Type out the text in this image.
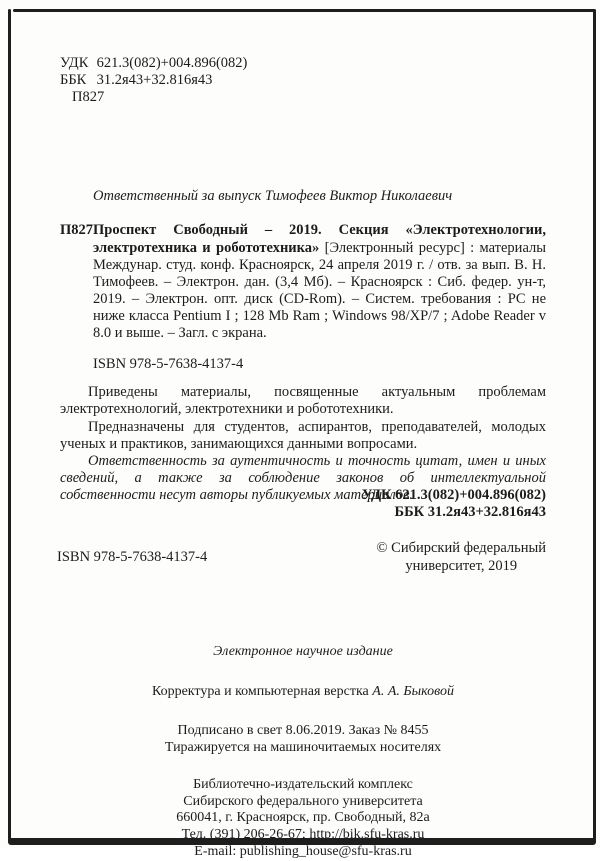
УДК 621.3(082)+004.896(082)
ББК 31.2я43+32.816я43
П827
Ответственный за выпуск Тимофеев Виктор Николаевич
П827 Проспект Свободный – 2019. Секция «Электротехнологии, электротехника и робототехника» [Электронный ресурс] : материалы Междунар. студ. конф. Красноярск, 24 апреля 2019 г. / отв. за вып. В. Н. Тимофеев. – Электрон. дан. (3,4 Мб). – Красноярск : Сиб. федер. ун-т, 2019. – Электрон. опт. диск (CD-Rom). – Систем. требования : PC не ниже класса Pentium I ; 128 Mb Ram ; Windows 98/XP/7 ; Adobe Reader v 8.0 и выше. – Загл. с экрана.
ISBN 978-5-7638-4137-4

Приведены материалы, посвященные актуальным проблемам электротехнологий, электротехники и робототехники.

Предназначены для студентов, аспирантов, преподавателей, молодых ученых и практиков, занимающихся данными вопросами.

Ответственность за аутентичность и точность цитат, имен и иных сведений, а также за соблюдение законов об интеллектуальной собственности несут авторы публикуемых материалов.

УДК 621.3(082)+004.896(082)
ББК 31.2я43+32.816я43
ISBN 978-5-7638-4137-4
© Сибирский федеральный
университет, 2019
Электронное научное издание
Корректура и компьютерная верстка А. А. Быковой
Подписано в свет 8.06.2019. Заказ № 8455
Тиражируется на машиночитаемых носителях
Библиотечно-издательский комплекс
Сибирского федерального университета
660041, г. Красноярск, пр. Свободный, 82а
Тел. (391) 206-26-67; http://bik.sfu-kras.ru
E-mail: publishing_house@sfu-kras.ru
